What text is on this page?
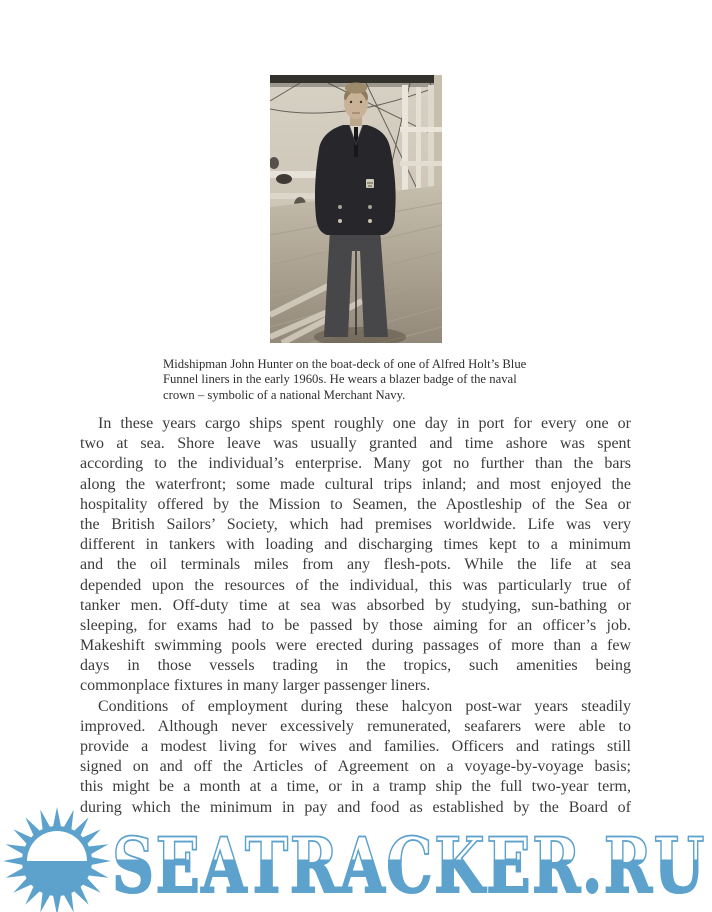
Midshipman John Hunter on the boat-deck of one of Alfred Holt’s Blue
Funnel liners in the early 1960s. He wears a blazer badge of the naval
crown – symbolic of a national Merchant Navy.
In these years cargo ships spent roughly one day in port for every one or
two at sea. Shore leave was usually granted and time ashore was spent
according to the individual’s enterprise. Many got no further than the bars
along the waterfront; some made cultural trips inland; and most enjoyed the
hospitality offered by the Mission to Seamen, the Apostleship of the Sea or
the British Sailors’ Society, which had premises worldwide. Life was very
different in tankers with loading and discharging times kept to a minimum
and the oil terminals miles from any flesh-pots. While the life at sea
depended upon the resources of the individual, this was particularly true of
tanker men. Off-duty time at sea was absorbed by studying, sun-bathing or
sleeping, for exams had to be passed by those aiming for an officer’s job.
Makeshift swimming pools were erected during passages of more than a few
days in those vessels trading in the tropics, such amenities being
commonplace fixtures in many larger passenger liners.
Conditions of employment during these halcyon post-war years steadily
improved. Although never excessively remunerated, seafarers were able to
provide a modest living for wives and families. Officers and ratings still
signed on and off the Articles of Agreement on a voyage-by-voyage basis;
this might be a month at a time, or in a tramp ship the full two-year term,
during which the minimum in pay and food as established by the Board of
SEATRACKER.RU
